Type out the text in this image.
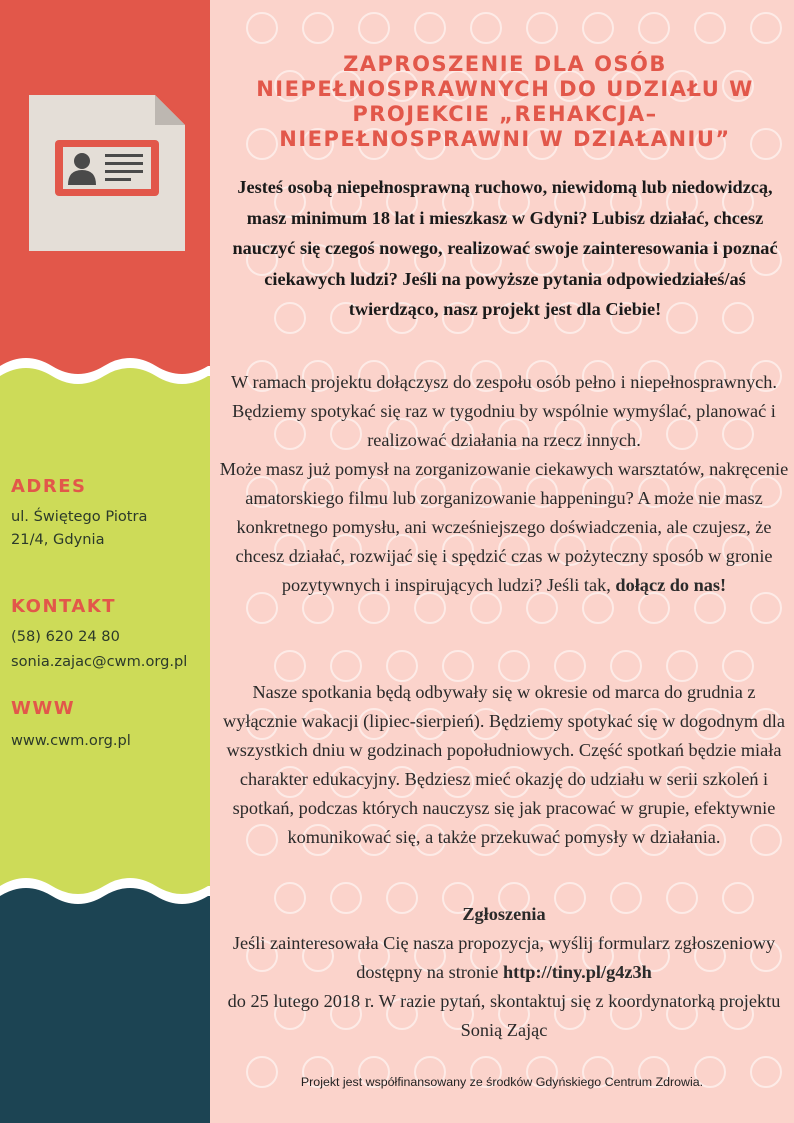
ADRES
ul. Świętego Piotra
21/4, Gdynia
KONTAKT
(58) 620 24 80
sonia.zajac@cwm.org.pl
WWW
www.cwm.org.pl
ZAPROSZENIE DLA OSÓB NIEPEŁNOSPRAWNYCH DO UDZIAŁU W PROJEKCIE „REHAKCJA– NIEPEŁNOSPRAWNI W DZIAŁANIU”

Jesteś osobą niepełnosprawną ruchowo, niewidomą lub niedowidzcą, masz minimum 18 lat i mieszkasz w Gdyni? Lubisz działać, chcesz nauczyć się czegoś nowego, realizować swoje zainteresowania i poznać ciekawych ludzi? Jeśli na powyższe pytania odpowiedziałeś/aś twierdząco, nasz projekt jest dla Ciebie!

W ramach projektu dołączysz do zespołu osób pełno i niepełnosprawnych. Będziemy spotykać się raz w tygodniu by wspólnie wymyślać, planować i realizować działania na rzecz innych.
Może masz już pomysł na zorganizowanie ciekawych warsztatów, nakręcenie amatorskiego filmu lub zorganizowanie happeningu? A może nie masz konkretnego pomysłu, ani wcześniejszego doświadczenia, ale czujesz, że chcesz działać, rozwijać się i spędzić czas w pożyteczny sposób w gronie pozytywnych i inspirujących ludzi? Jeśli tak, dołącz do nas!

Nasze spotkania będą odbywały się w okresie od marca do grudnia z wyłącznie wakacji (lipiec-sierpień). Będziemy spotykać się w dogodnym dla wszystkich dniu w godzinach popołudniowych. Część spotkań będzie miała charakter edukacyjny. Będziesz mieć okazję do udziału w serii szkoleń i spotkań, podczas których nauczysz się jak pracować w grupie, efektywnie komunikować się, a także przekuwać pomysły w działania.

Zgłoszenia
Jeśli zainteresowała Cię nasza propozycja, wyślij formularz zgłoszeniowy dostępny na stronie http://tiny.pl/g4z3h
do 25 lutego 2018 r. W razie pytań, skontaktuj się z koordynatorką projektu Sonią Zając

Projekt jest współfinansowany ze środków Gdyńskiego Centrum Zdrowia.
